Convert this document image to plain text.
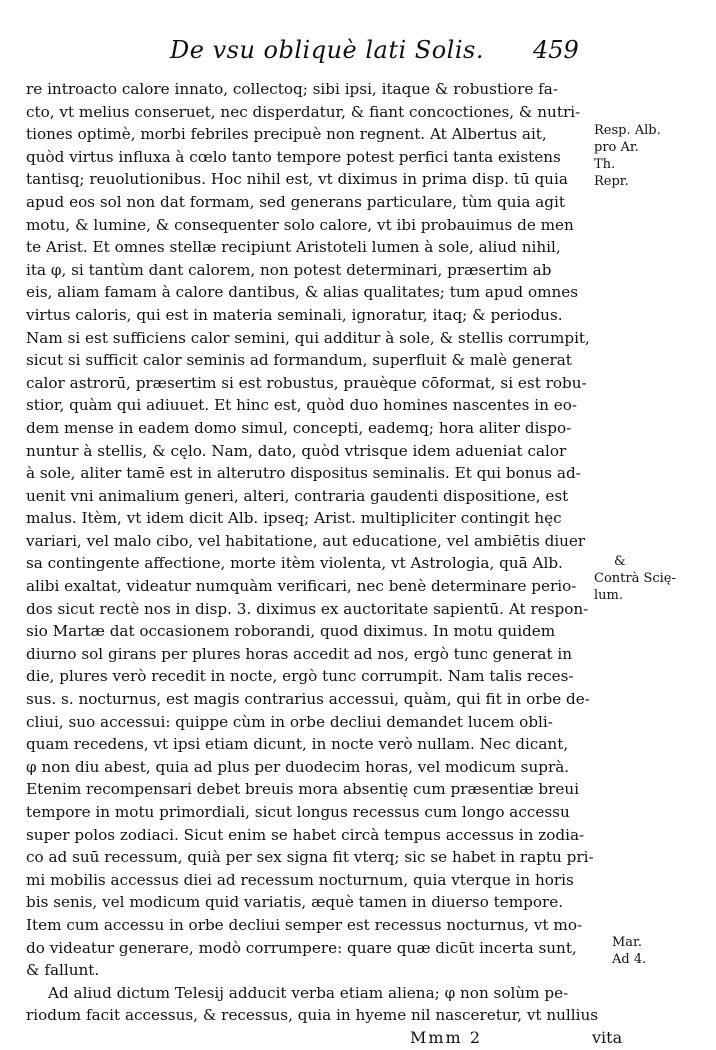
De vsu obliquè lati Solis. 459
re introacto calore innato, collectoq; sibi ipsi, itaque & robustiore fa-
cto, vt melius conseruet, nec disperdatur, & fiant concoctiones, & nutri-
tiones optimè, morbi febriles precipuè non regnent. At Albertus ait,
quòd virtus influxa à cœlo tanto tempore potest perfici tanta existens
tantisq; reuolutionibus. Hoc nihil est, vt diximus in prima disp. tū quia
apud eos sol non dat formam, sed generans particulare, tùm quia agit
motu, & lumine, & consequenter solo calore, vt ibi probauimus de men
te Arist. Et omnes stellæ recipiunt Aristoteli lumen à sole, aliud nihil,
ita φ, si tantùm dant calorem, non potest determinari, præsertim ab
eis, aliam famam à calore dantibus, & alias qualitates; tum apud omnes
virtus caloris, qui est in materia seminali, ignoratur, itaq; & periodus.
Nam si est sufficiens calor semini, qui additur à sole, & stellis corrumpit,
sicut si sufficit calor seminis ad formandum, superfluit & malè generat
calor astrorū, præsertim si est robustus, prauèque cōformat, si est robu-
stior, quàm qui adiuuet. Et hinc est, quòd duo homines nascentes in eo-
dem mense in eadem domo simul, concepti, eademq; hora aliter dispo-
nuntur à stellis, & cęlo. Nam, dato, quòd vtrisque idem adueniat calor
à sole, aliter tamē est in alterutro dispositus seminalis. Et qui bonus ad-
uenit vni animalium generi, alteri, contraria gaudenti dispositione, est
malus. Itèm, vt idem dicit Alb. ipseq; Arist. multipliciter contingit hęc
variari, vel malo cibo, vel habitatione, aut educatione, vel ambiētis diuer
sa contingente affectione, morte itèm violenta, vt Astrologia, quā Alb.
alibi exaltat, videatur numquàm verificari, nec benè determinare perio-
dos sicut rectè nos in disp. 3. diximus ex auctoritate sapientū. At respon-
sio Martæ dat occasionem roborandi, quod diximus. In motu quidem
diurno sol girans per plures horas accedit ad nos, ergò tunc generat in
die, plures verò recedit in nocte, ergò tunc corrumpit. Nam talis reces-
sus. s. nocturnus, est magis contrarius accessui, quàm, qui fit in orbe de-
cliui, suo accessui: quippe cùm in orbe decliui demandet lucem obli-
quam recedens, vt ipsi etiam dicunt, in nocte verò nullam. Nec dicant,
φ non diu abest, quia ad plus per duodecim horas, vel modicum suprà.
Etenim recompensari debet breuis mora absentię cum præsentiæ breui
tempore in motu primordiali, sicut longus recessus cum longo accessu
super polos zodiaci. Sicut enim se habet circà tempus accessus in zodia-
co ad suū recessum, quià per sex signa fit vterq; sic se habet in raptu pri-
mi mobilis accessus diei ad recessum nocturnum, quia vterque in horis
bis senis, vel modicum quid variatis, æquè tamen in diuerso tempore.
Item cum accessu in orbe decliui semper est recessus nocturnus, vt mo-
do videatur generare, modò corrumpere: quare quæ dicūt incerta sunt,
& fallunt.
Ad aliud dictum Telesij adducit verba etiam aliena; φ non solùm pe-
riodum facit accessus, & recessus, quia in hyeme nil nasceretur, vt nullius
Mmm 2	vita
Resp. Alb.
pro Ar.
Th.
Repr.
&
Contrà Scię-
lum.
Mar.
Ad 4.
